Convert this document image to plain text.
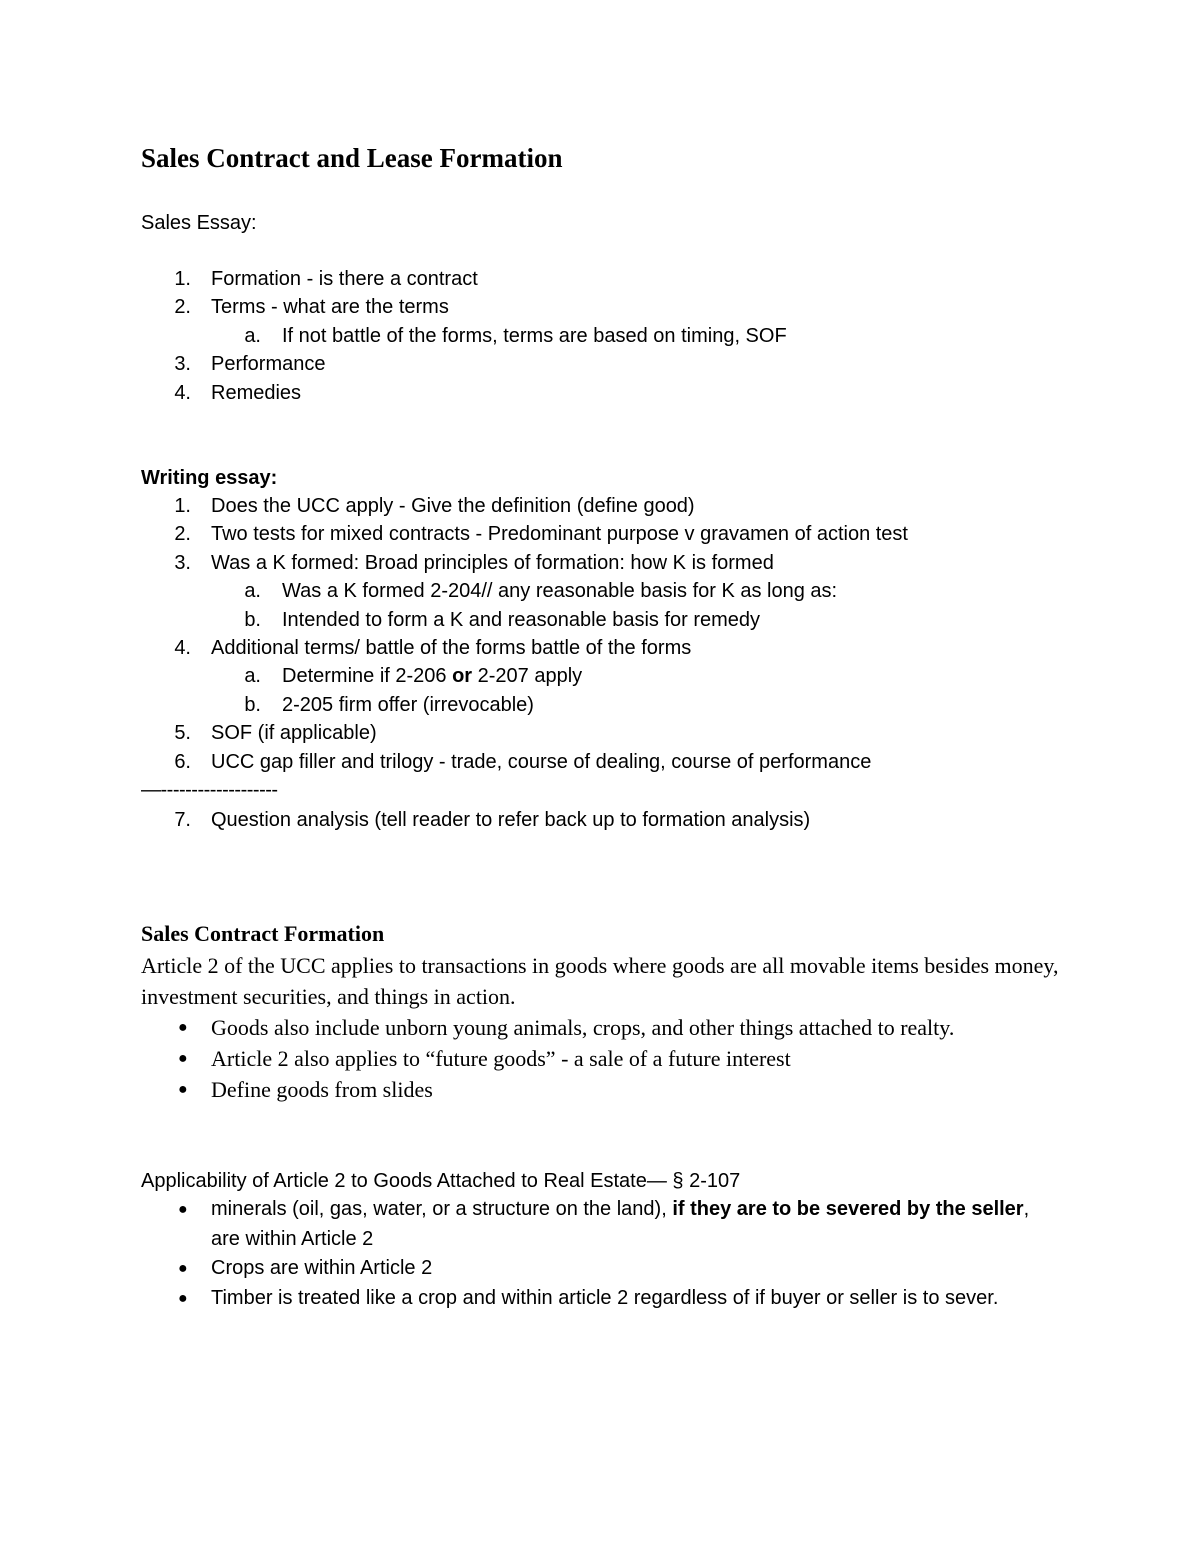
Sales Contract and Lease Formation
Sales Essay:
1. Formation - is there a contract
2. Terms - what are the terms
a. If not battle of the forms, terms are based on timing, SOF
3. Performance
4. Remedies
Writing essay:
1. Does the UCC apply - Give the definition (define good)
2. Two tests for mixed contracts - Predominant purpose v gravamen of action test
3. Was a K formed: Broad principles of formation: how K is formed
a. Was a K formed 2-204// any reasonable basis for K as long as:
b. Intended to form a K and reasonable basis for remedy
4. Additional terms/ battle of the forms battle of the forms
a. Determine if 2-206 or 2-207 apply
b. 2-205 firm offer (irrevocable)
5. SOF (if applicable)
6. UCC gap filler and trilogy - trade, course of dealing, course of performance
—-------------------
7. Question analysis (tell reader to refer back up to formation analysis)
Sales Contract Formation
Article 2 of the UCC applies to transactions in goods where goods are all movable items besides money, investment securities, and things in action.
● Goods also include unborn young animals, crops, and other things attached to realty.
● Article 2 also applies to “future goods” - a sale of a future interest
● Define goods from slides
Applicability of Article 2 to Goods Attached to Real Estate— § 2-107
● minerals (oil, gas, water, or a structure on the land), if they are to be severed by the seller, are within Article 2
● Crops are within Article 2
● Timber is treated like a crop and within article 2 regardless of if buyer or seller is to sever.
